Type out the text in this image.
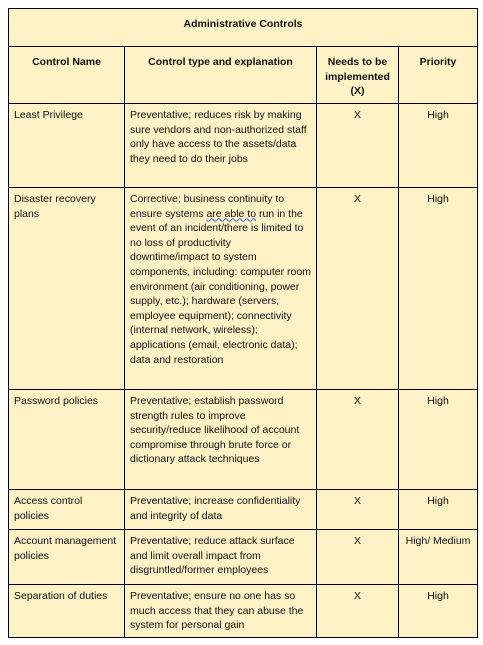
Administrative Controls			
Control Name	Control type and explanation	Needs to be implemented (X)	Priority
Least Privilege	Preventative; reduces risk by making sure vendors and non-authorized staff only have access to the assets/data they need to do their jobs	X	High
Disaster recovery plans	Corrective; business continuity to ensure systems are able to run in the event of an incident/there is limited to no loss of productivity downtime/impact to system components, including: computer room environment (air conditioning, power supply, etc.); hardware (servers, employee equipment); connectivity (internal network, wireless); applications (email, electronic data); data and restoration	X	High
Password policies	Preventative; establish password strength rules to improve security/reduce likelihood of account compromise through brute force or dictionary attack techniques	X	High
Access control policies	Preventative; increase confidentiality and integrity of data	X	High
Account management policies	Preventative; reduce attack surface and limit overall impact from disgruntled/former employees	X	High/ Medium
Separation of duties	Preventative; ensure no one has so much access that they can abuse the system for personal gain	X	High
